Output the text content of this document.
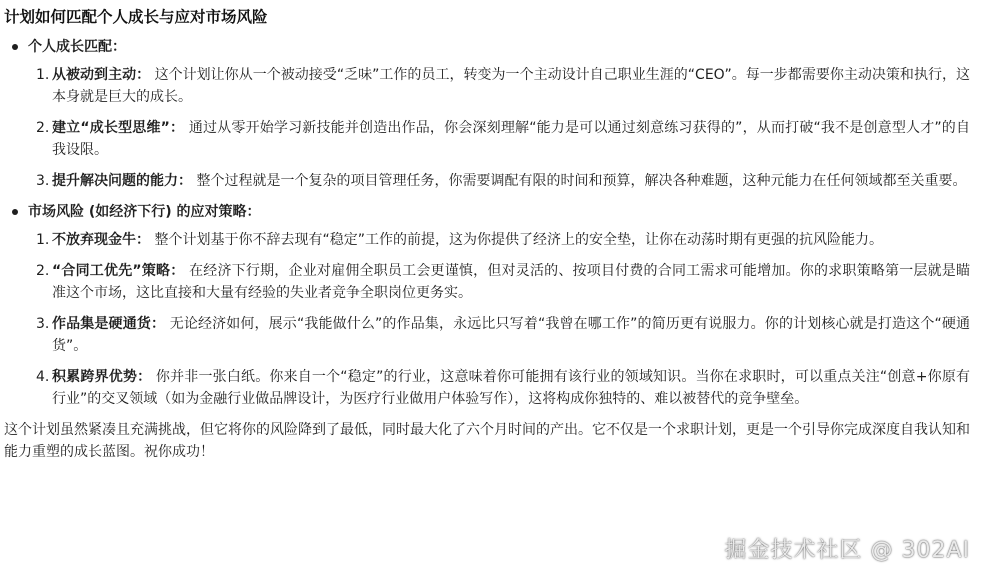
计划如何匹配个人成长与应对市场风险
个人成长匹配：
1. 从被动到主动： 这个计划让你从一个被动接受“乏味”工作的员工，转变为一个主动设计自己职业生涯的“CEO”。每一步都需要你主动决策和执行，这本身就是巨大的成长。
2. 建立“成长型思维”： 通过从零开始学习新技能并创造出作品，你会深刻理解“能力是可以通过刻意练习获得的”，从而打破“我不是创意型人才”的自我设限。
3. 提升解决问题的能力： 整个过程就是一个复杂的项目管理任务，你需要调配有限的时间和预算，解决各种难题，这种元能力在任何领域都至关重要。
市场风险 (如经济下行) 的应对策略：
1. 不放弃现金牛： 整个计划基于你不辞去现有“稳定”工作的前提，这为你提供了经济上的安全垫，让你在动荡时期有更强的抗风险能力。
2. “合同工优先”策略： 在经济下行期，企业对雇佣全职员工会更谨慎，但对灵活的、按项目付费的合同工需求可能增加。你的求职策略第一层就是瞄准这个市场，这比直接和大量有经验的失业者竞争全职岗位更务实。
3. 作品集是硬通货： 无论经济如何，展示“我能做什么”的作品集，永远比只写着“我曾在哪工作”的简历更有说服力。你的计划核心就是打造这个“硬通货”。
4. 积累跨界优势： 你并非一张白纸。你来自一个“稳定”的行业，这意味着你可能拥有该行业的领域知识。当你在求职时，可以重点关注“创意+你原有行业”的交叉领域（如为金融行业做品牌设计，为医疗行业做用户体验写作），这将构成你独特的、难以被替代的竞争壁垒。

这个计划虽然紧凑且充满挑战，但它将你的风险降到了最低，同时最大化了六个月时间的产出。它不仅是一个求职计划，更是一个引导你完成深度自我认知和能力重塑的成长蓝图。祝你成功！

掘金技术社区 @ 302AI
